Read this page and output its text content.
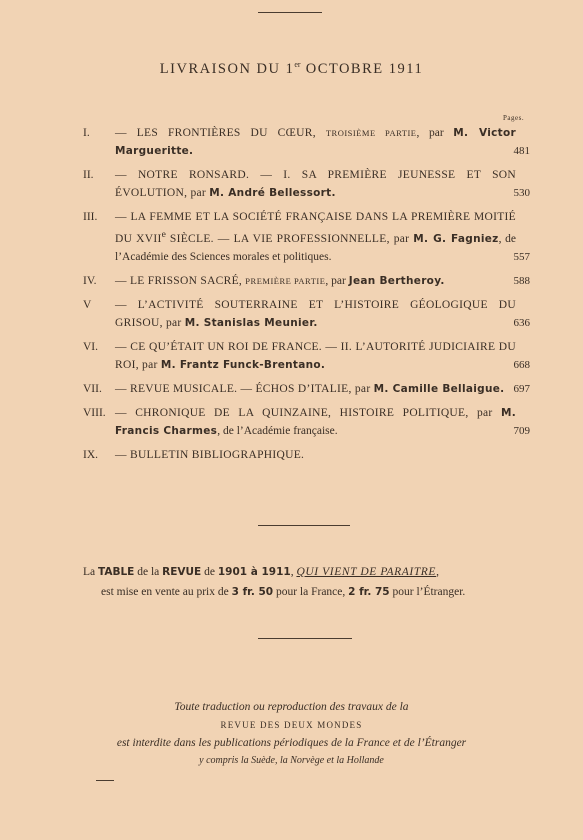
LIVRAISON DU 1er OCTOBRE 1911
Pages.
I. — LES FRONTIÈRES DU CŒUR, TROISIÈME PARTIE, par M. Victor Margueritte.	481
II. — NOTRE RONSARD. — I. SA PREMIÈRE JEUNESSE ET SON ÉVOLUTION, par M. André Bellessort.	530
III. — LA FEMME ET LA SOCIÉTÉ FRANÇAISE DANS LA PREMIÈRE MOITIÉ DU XVIIe SIÈCLE. — LA VIE PROFESSIONNELLE, par M. G. Fagniez, de l’Académie des Sciences morales et politiques.	557
IV. — LE FRISSON SACRÉ, PREMIÈRE PARTIE, par Jean Bertheroy.	588
V — L’ACTIVITÉ SOUTERRAINE ET L’HISTOIRE GÉOLOGIQUE DU GRISOU, par M. Stanislas Meunier.	636
VI. — CE QU’ÉTAIT UN ROI DE FRANCE. — II. L’AUTORITÉ JUDICIAIRE DU ROI, par M. Frantz Funck-Brentano.	668
VII. — REVUE MUSICALE. — ÉCHOS D’ITALIE, par M. Camille Bellaigue. 697
VIII. — CHRONIQUE DE LA QUINZAINE, HISTOIRE POLITIQUE, par M. Francis Charmes, de l’Académie française.	709
IX. — BULLETIN BIBLIOGRAPHIQUE.
La TABLE de la REVUE de 1901 à 1911, QUI VIENT DE PARAITRE,
est mise en vente au prix de 3 fr. 50 pour la France, 2 fr. 75 pour l’Étranger.
Toute traduction ou reproduction des travaux de la
REVUE DES DEUX MONDES
est interdite dans les publications périodiques de la France et de l’Étranger
y compris la Suède, la Norvège et la Hollande
